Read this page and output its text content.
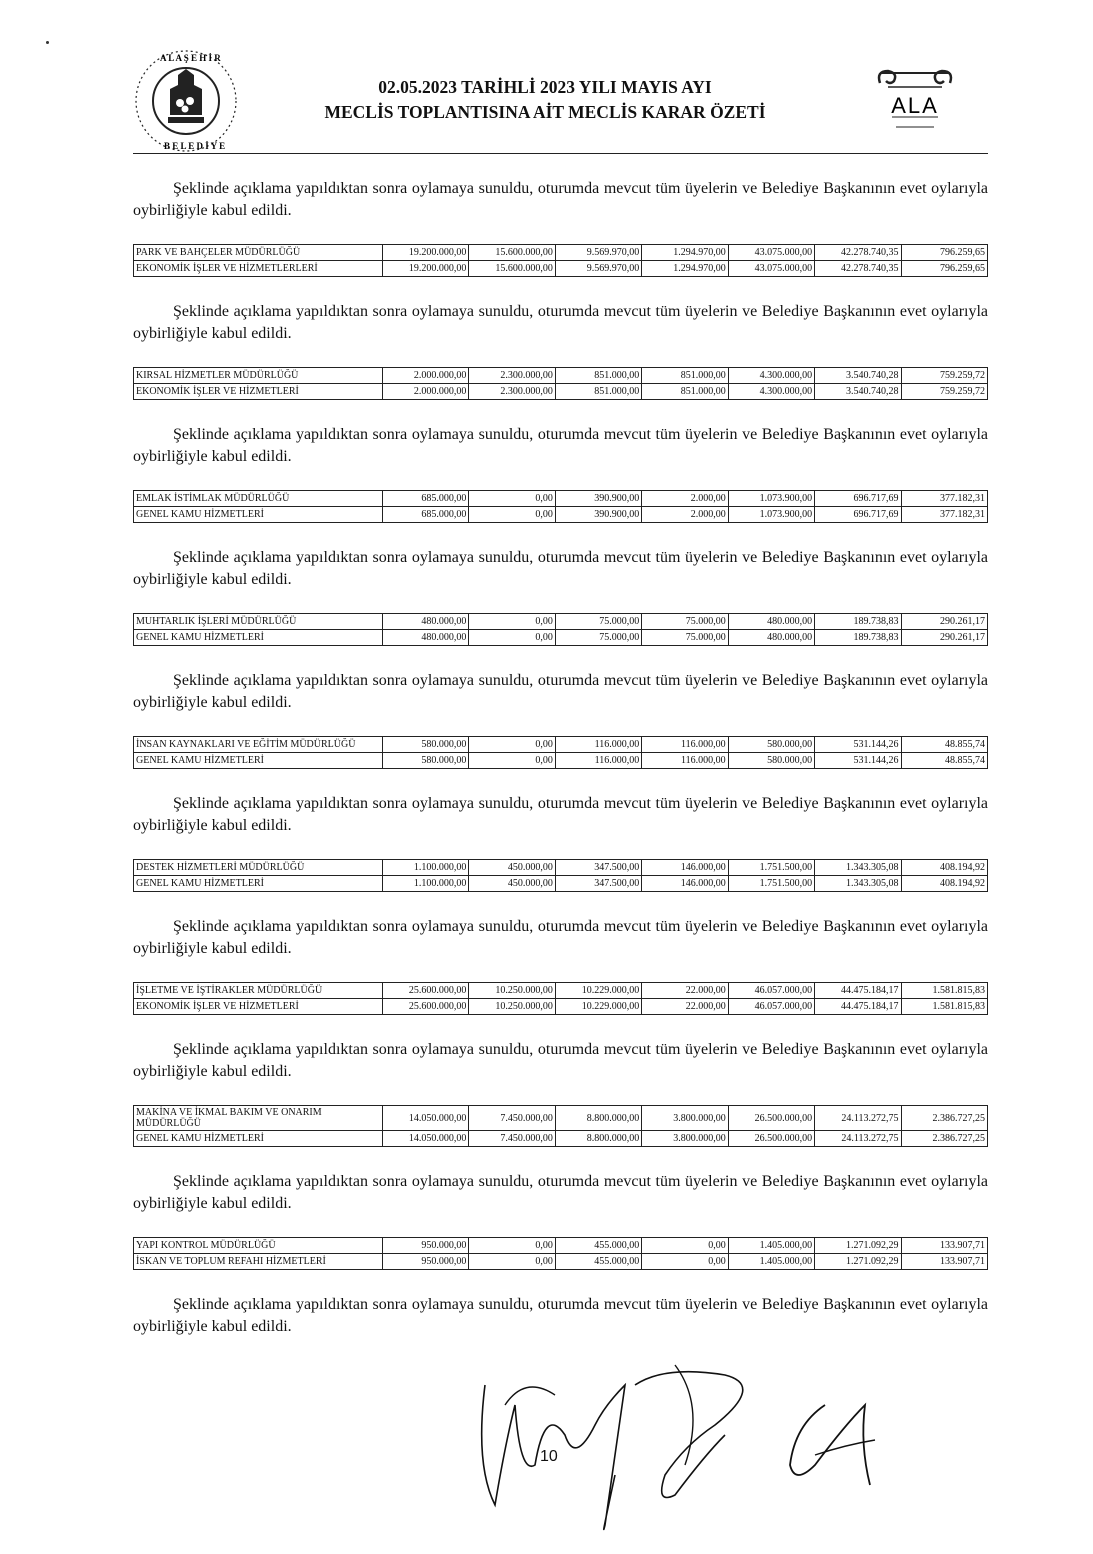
A L A Ş E H İ R
B E L E D İ Y E
02.05.2023 TARİHLİ 2023 YILI MAYIS AYI
MECLİS TOPLANTISINA AİT MECLİS KARAR ÖZETİ	ALA

Şeklinde açıklama yapıldıktan sonra oylamaya sunuldu, oturumda mevcut tüm üyelerin ve Belediye Başkanının evet oylarıyla oybirliğiyle kabul edildi.

PARK VE BAHÇELER MÜDÜRLÜĞÜ	19.200.000,00	15.600.000,00	9.569.970,00	1.294.970,00	43.075.000,00	42.278.740,35	796.259,65
EKONOMİK İŞLER VE HİZMETLERLERİ	19.200.000,00	15.600.000,00	9.569.970,00	1.294.970,00	43.075.000,00	42.278.740,35	796.259,65

Şeklinde açıklama yapıldıktan sonra oylamaya sunuldu, oturumda mevcut tüm üyelerin ve Belediye Başkanının evet oylarıyla oybirliğiyle kabul edildi.

KIRSAL HİZMETLER MÜDÜRLÜĞÜ	2.000.000,00	2.300.000,00	851.000,00	851.000,00	4.300.000,00	3.540.740,28	759.259,72
EKONOMİK İŞLER VE HİZMETLERİ	2.000.000,00	2.300.000,00	851.000,00	851.000,00	4.300.000,00	3.540.740,28	759.259,72

Şeklinde açıklama yapıldıktan sonra oylamaya sunuldu, oturumda mevcut tüm üyelerin ve Belediye Başkanının evet oylarıyla oybirliğiyle kabul edildi.

EMLAK İSTİMLAK MÜDÜRLÜĞÜ	685.000,00	0,00	390.900,00	2.000,00	1.073.900,00	696.717,69	377.182,31
GENEL KAMU HİZMETLERİ	685.000,00	0,00	390.900,00	2.000,00	1.073.900,00	696.717,69	377.182,31

Şeklinde açıklama yapıldıktan sonra oylamaya sunuldu, oturumda mevcut tüm üyelerin ve Belediye Başkanının evet oylarıyla oybirliğiyle kabul edildi.

MUHTARLIK İŞLERİ MÜDÜRLÜĞÜ	480.000,00	0,00	75.000,00	75.000,00	480.000,00	189.738,83	290.261,17
GENEL KAMU HİZMETLERİ	480.000,00	0,00	75.000,00	75.000,00	480.000,00	189.738,83	290.261,17

Şeklinde açıklama yapıldıktan sonra oylamaya sunuldu, oturumda mevcut tüm üyelerin ve Belediye Başkanının evet oylarıyla oybirliğiyle kabul edildi.

İNSAN KAYNAKLARI VE EĞİTİM MÜDÜRLÜĞÜ	580.000,00	0,00	116.000,00	116.000,00	580.000,00	531.144,26	48.855,74
GENEL KAMU HİZMETLERİ	580.000,00	0,00	116.000,00	116.000,00	580.000,00	531.144,26	48.855,74

Şeklinde açıklama yapıldıktan sonra oylamaya sunuldu, oturumda mevcut tüm üyelerin ve Belediye Başkanının evet oylarıyla oybirliğiyle kabul edildi.

DESTEK HİZMETLERİ MÜDÜRLÜĞÜ	1.100.000,00	450.000,00	347.500,00	146.000,00	1.751.500,00	1.343.305,08	408.194,92
GENEL KAMU HİZMETLERİ	1.100.000,00	450.000,00	347.500,00	146.000,00	1.751.500,00	1.343.305,08	408.194,92

Şeklinde açıklama yapıldıktan sonra oylamaya sunuldu, oturumda mevcut tüm üyelerin ve Belediye Başkanının evet oylarıyla oybirliğiyle kabul edildi.

İŞLETME VE İŞTİRAKLER MÜDÜRLÜĞÜ	25.600.000,00	10.250.000,00	10.229.000,00	22.000,00	46.057.000,00	44.475.184,17	1.581.815,83
EKONOMİK İŞLER VE HİZMETLERİ	25.600.000,00	10.250.000,00	10.229.000,00	22.000,00	46.057.000,00	44.475.184,17	1.581.815,83

Şeklinde açıklama yapıldıktan sonra oylamaya sunuldu, oturumda mevcut tüm üyelerin ve Belediye Başkanının evet oylarıyla oybirliğiyle kabul edildi.

MAKİNA VE İKMAL BAKIM VE ONARIM MÜDÜRLÜĞÜ	14.050.000,00	7.450.000,00	8.800.000,00	3.800.000,00	26.500.000,00	24.113.272,75	2.386.727,25
GENEL KAMU HİZMETLERİ	14.050.000,00	7.450.000,00	8.800.000,00	3.800.000,00	26.500.000,00	24.113.272,75	2.386.727,25

Şeklinde açıklama yapıldıktan sonra oylamaya sunuldu, oturumda mevcut tüm üyelerin ve Belediye Başkanının evet oylarıyla oybirliğiyle kabul edildi.

YAPI KONTROL MÜDÜRLÜĞÜ	950.000,00	0,00	455.000,00	0,00	1.405.000,00	1.271.092,29	133.907,71
İSKAN VE TOPLUM REFAHI HİZMETLERİ	950.000,00	0,00	455.000,00	0,00	1.405.000,00	1.271.092,29	133.907,71

Şeklinde açıklama yapıldıktan sonra oylamaya sunuldu, oturumda mevcut tüm üyelerin ve Belediye Başkanının evet oylarıyla oybirliğiyle kabul edildi.

10
